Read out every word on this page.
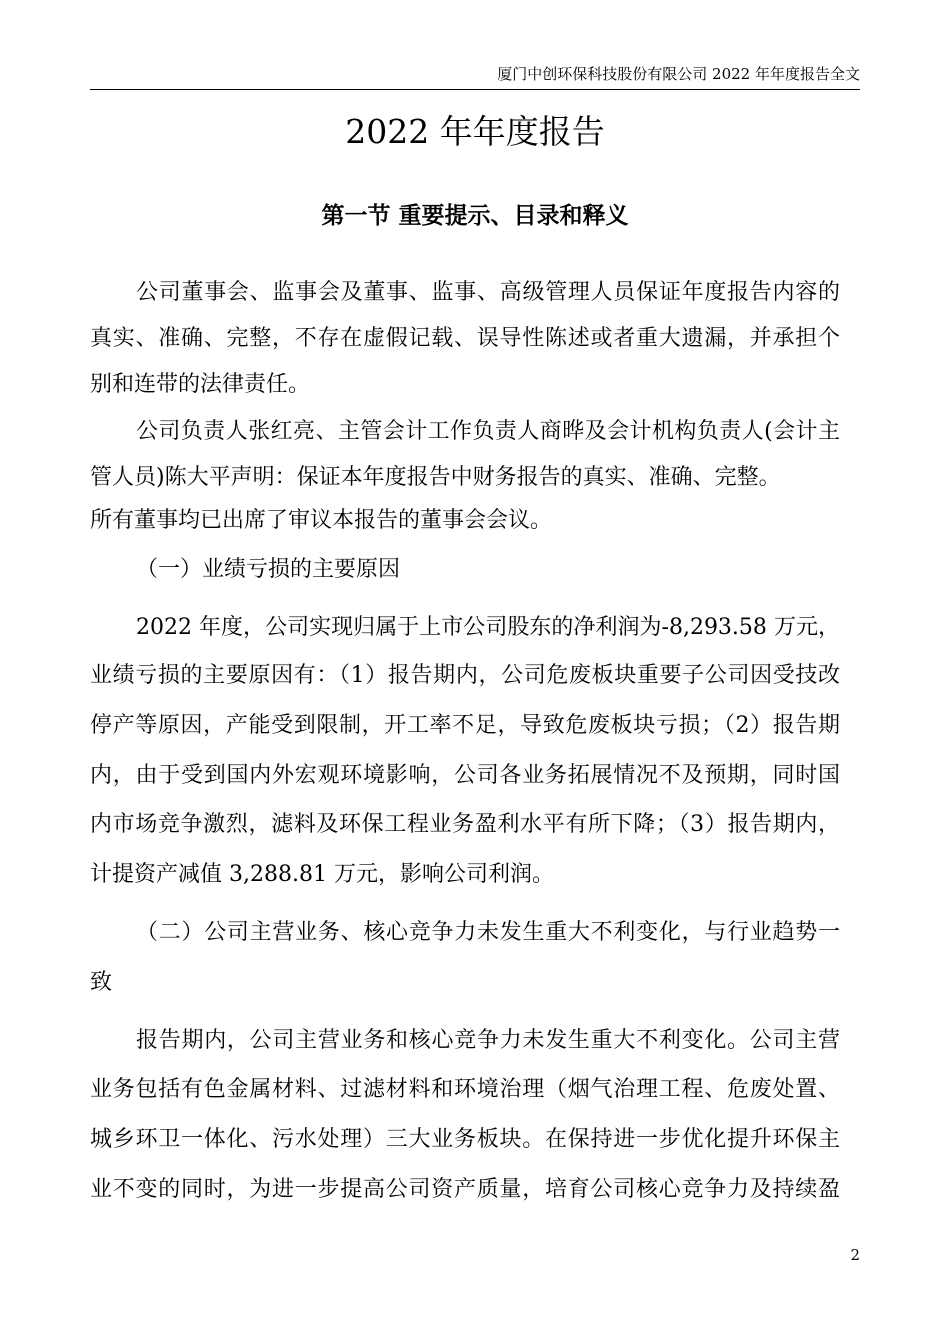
厦门中创环保科技股份有限公司 2022 年年度报告全文
2022 年年度报告
第一节 重要提示、目录和释义
公司董事会、监事会及董事、监事、高级管理人员保证年度报告内容的
真实、准确、完整，不存在虚假记载、误导性陈述或者重大遗漏，并承担个
别和连带的法律责任。
公司负责人张红亮、主管会计工作负责人商晔及会计机构负责人(会计主
管人员)陈大平声明：保证本年度报告中财务报告的真实、准确、完整。
所有董事均已出席了审议本报告的董事会会议。
（一）业绩亏损的主要原因
2022 年度，公司实现归属于上市公司股东的净利润为-8,293.58 万元，
业绩亏损的主要原因有：（1）报告期内，公司危废板块重要子公司因受技改
停产等原因，产能受到限制，开工率不足，导致危废板块亏损；（2）报告期
内，由于受到国内外宏观环境影响，公司各业务拓展情况不及预期，同时国
内市场竞争激烈，滤料及环保工程业务盈利水平有所下降；（3）报告期内，
计提资产减值 3,288.81 万元，影响公司利润。
（二）公司主营业务、核心竞争力未发生重大不利变化，与行业趋势一
致
报告期内，公司主营业务和核心竞争力未发生重大不利变化。公司主营
业务包括有色金属材料、过滤材料和环境治理（烟气治理工程、危废处置、
城乡环卫一体化、污水处理）三大业务板块。在保持进一步优化提升环保主
业不变的同时，为进一步提高公司资产质量，培育公司核心竞争力及持续盈
2
